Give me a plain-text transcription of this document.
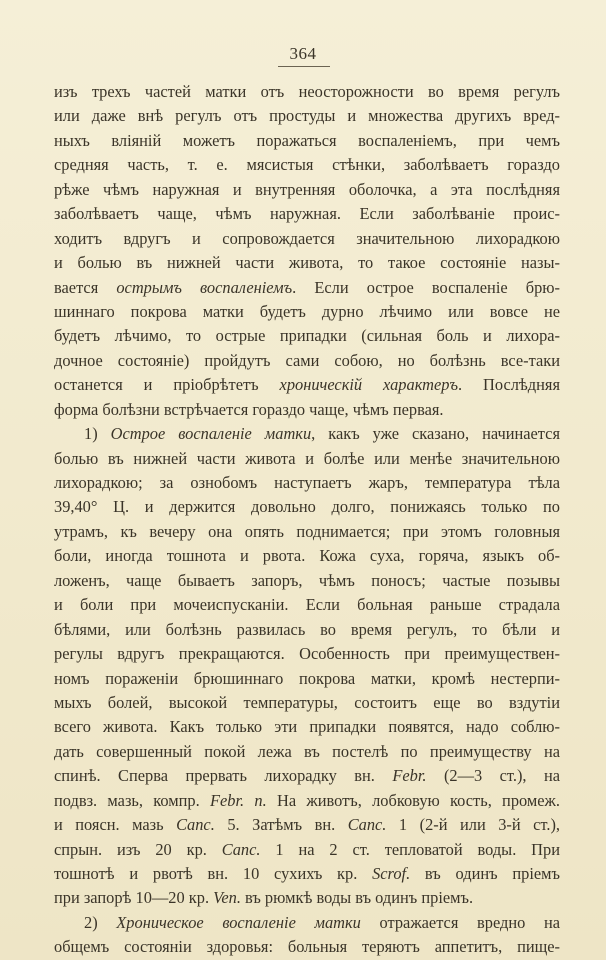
364
изъ трехъ частей матки отъ неосторожности во время регулъ
или даже внѣ регулъ отъ простуды и множества другихъ вред-
ныхъ вліяній можетъ поражаться воспаленіемъ, при чемъ
средняя часть, т. е. мясистыя стѣнки, заболѣваетъ гораздо
рѣже чѣмъ наружная и внутренняя оболочка, а эта послѣдняя
заболѣваетъ чаще, чѣмъ наружная. Если заболѣваніе проис-
ходитъ вдругъ и сопровождается значительною лихорадкою
и болью въ нижней части живота, то такое состояніе назы-
вается острымъ воспаленіемъ. Если острое воспаленіе брю-
шиннаго покрова матки будетъ дурно лѣчимо или вовсе не
будетъ лѣчимо, то острые припадки (сильная боль и лихора-
дочное состояніе) пройдутъ сами собою, но болѣзнь все-таки
останется и пріобрѣтетъ хроническій характеръ. Послѣдняя
форма болѣзни встрѣчается гораздо чаще, чѣмъ первая.
1) Острое воспаленіе матки, какъ уже сказано, начинается
болью въ нижней части живота и болѣе или менѣе значительною
лихорадкою; за ознобомъ наступаетъ жаръ, температура тѣла
39,40° Ц. и держится довольно долго, понижаясь только по
утрамъ, къ вечеру она опять поднимается; при этомъ головныя
боли, иногда тошнота и рвота. Кожа суха, горяча, языкъ об-
ложенъ, чаще бываетъ запоръ, чѣмъ поносъ; частые позывы
и боли при мочеиспусканіи. Если больная раньше страдала
бѣлями, или болѣзнь развилась во время регулъ, то бѣли и
регулы вдругъ прекращаются. Особенность при преимуществен-
номъ пораженіи брюшиннаго покрова матки, кромѣ нестерпи-
мыхъ болей, высокой температуры, состоитъ еще во вздутіи
всего живота. Какъ только эти припадки появятся, надо соблю-
дать совершенный покой лежа въ постелѣ по преимуществу на
спинѣ. Сперва прервать лихорадку вн. Febr. (2—3 ст.), на
подвз. мазь, компр. Febr. n. На животъ, лобковую кость, промеж.
и поясн. мазь Canc. 5. Затѣмъ вн. Canc. 1 (2-й или 3-й ст.),
спрын. изъ 20 кр. Canc. 1 на 2 ст. тепловатой воды. При
тошнотѣ и рвотѣ вн. 10 сухихъ кр. Scrof. въ одинъ пріемъ
при запорѣ 10—20 кр. Ven. въ рюмкѣ воды въ одинъ пріемъ.
2) Хроническое воспаленіе матки отражается вредно на
общемъ состояніи здоровья: больныя теряютъ аппетитъ, пище-
